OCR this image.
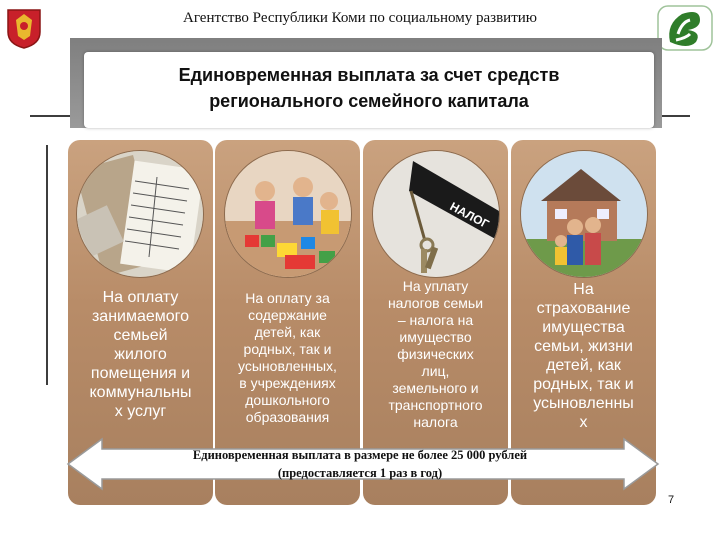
Агентство Республики Коми по социальному развитию
Единовременная выплата за счет средств
регионального семейного капитала
На оплату
занимаемого
семьей
жилого
помещения и
коммунальны
х услуг
На оплату за
содержание
детей, как
родных, так и
усыновленных,
в учреждениях
дошкольного
образования
НАЛОГ
На уплату
налогов семьи
– налога на
имущество
физических
лиц,
земельного и
транспортного
налога
На
страхование
имущества
семьи, жизни
детей, как
родных, так и
усыновленны
х
Единовременная выплата в размере не более 25 000 рублей
(предоставляется 1 раз в год)
7
